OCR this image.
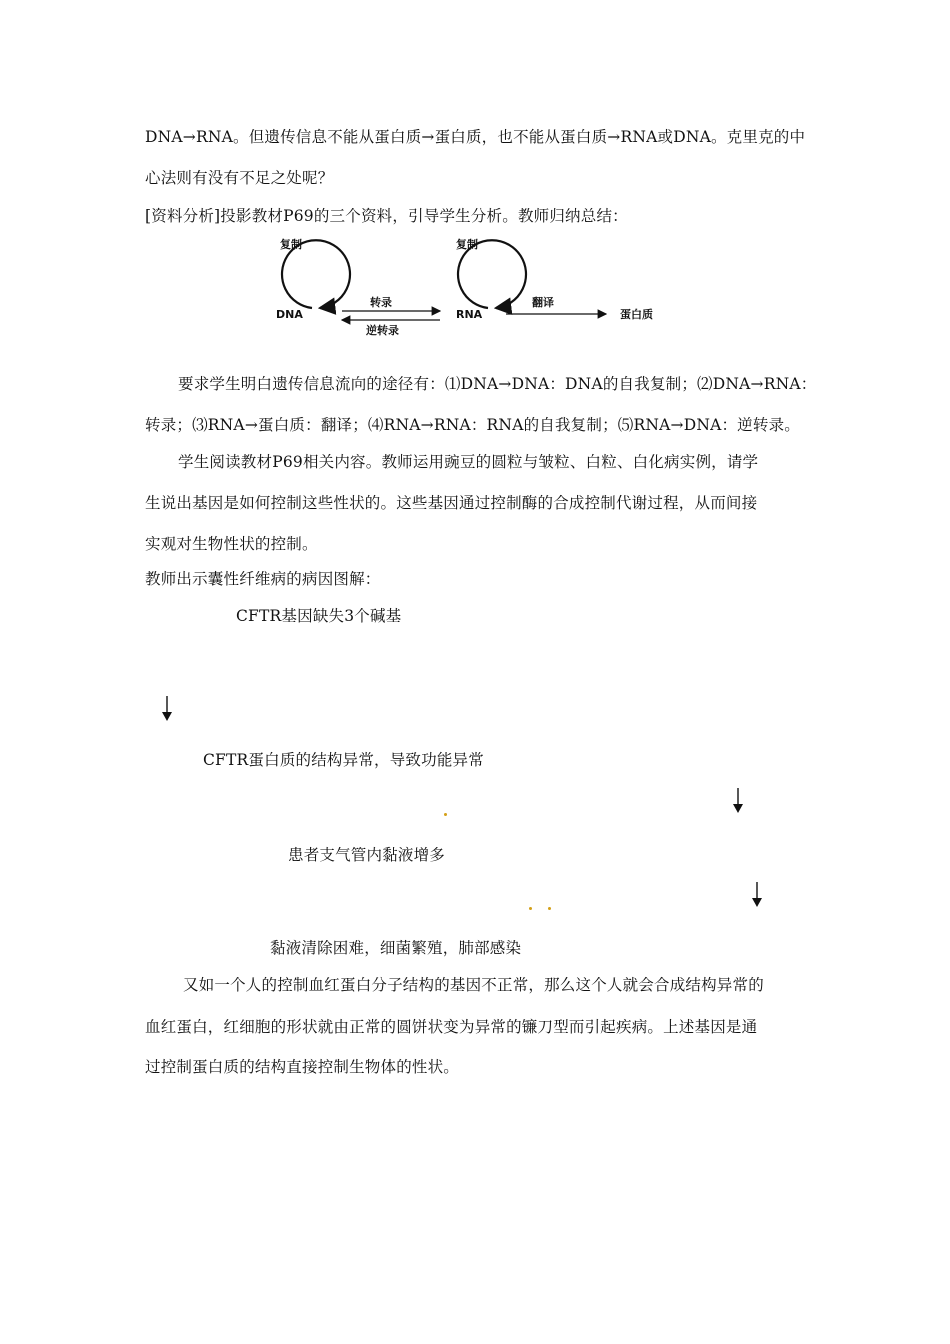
DNA→RNA。但遗传信息不能从蛋白质→蛋白质，也不能从蛋白质→RNA或DNA。克里克的中
心法则有没有不足之处呢？
[资料分析]投影教材P69的三个资料，引导学生分析。教师归纳总结：
复制
DNA
复制
RNA
转录
逆转录
翻译
蛋白质
要求学生明白遗传信息流向的途径有：⑴DNA→DNA：DNA的自我复制；⑵DNA→RNA：
转录；⑶RNA→蛋白质：翻译；⑷RNA→RNA：RNA的自我复制；⑸RNA→DNA：逆转录。
学生阅读教材P69相关内容。教师运用豌豆的圆粒与皱粒、白粒、白化病实例，请学
生说出基因是如何控制这些性状的。这些基因通过控制酶的合成控制代谢过程，从而间接
实观对生物性状的控制。
教师出示囊性纤维病的病因图解：
CFTR基因缺失3个碱基
CFTR蛋白质的结构异常，导致功能异常
患者支气管内黏液增多
黏液清除困难，细菌繁殖，肺部感染
又如一个人的控制血红蛋白分子结构的基因不正常，那么这个人就会合成结构异常的
血红蛋白，红细胞的形状就由正常的圆饼状变为异常的镰刀型而引起疾病。上述基因是通
过控制蛋白质的结构直接控制生物体的性状。
